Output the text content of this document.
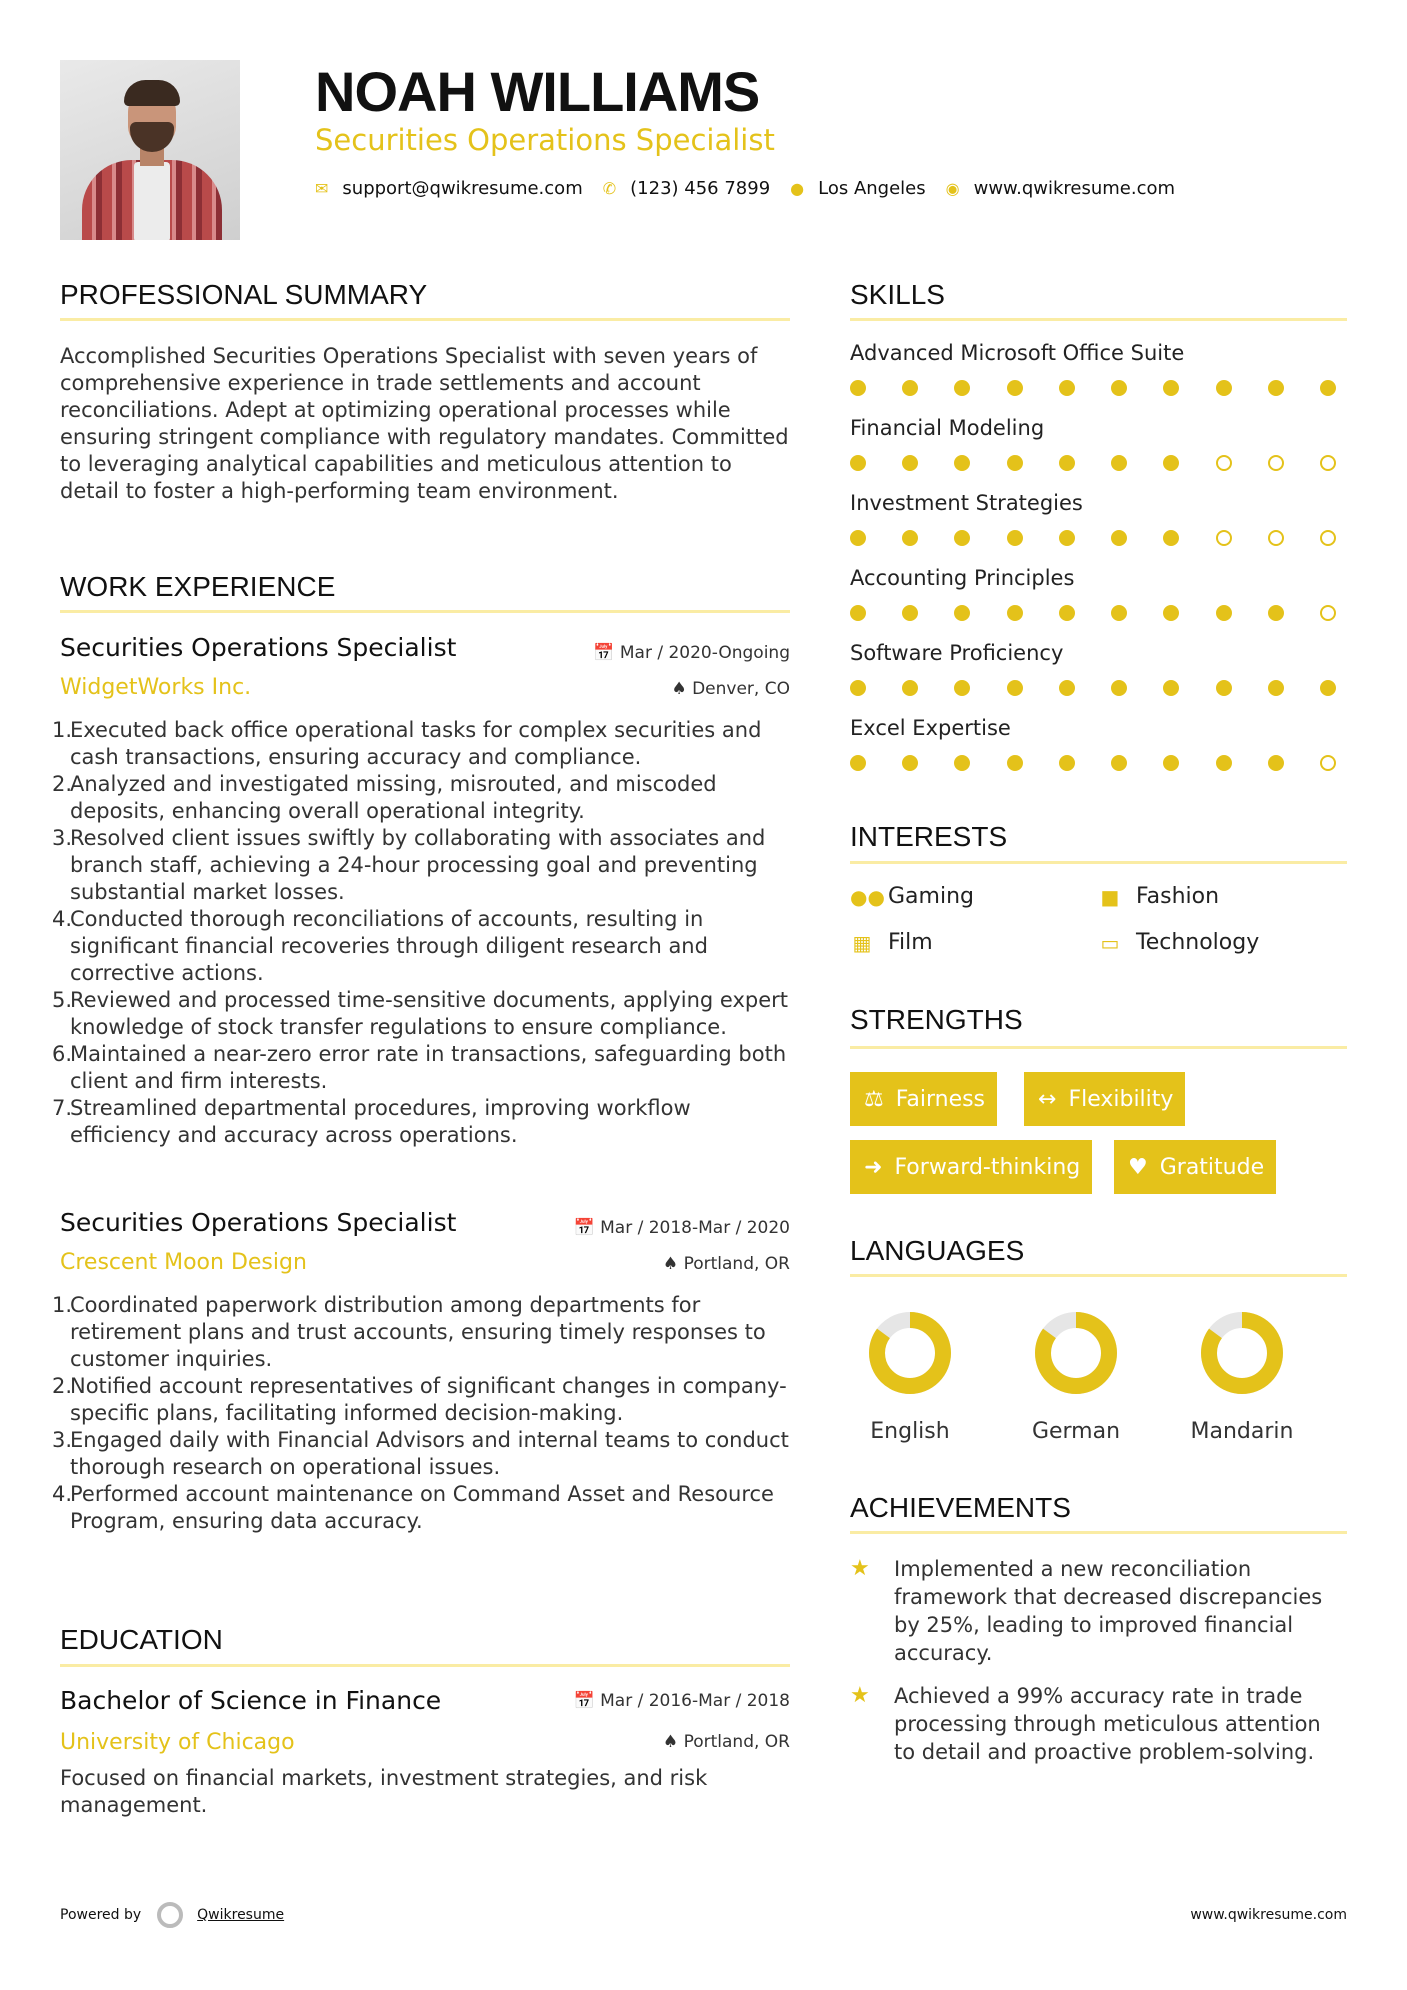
NOAH WILLIAMS
Securities Operations Specialist
✉ support@qwikresume.com ✆ (123) 456 7899 ● Los Angeles ◉ www.qwikresume.com
PROFESSIONAL SUMMARY
Accomplished Securities Operations Specialist with seven years of comprehensive experience in trade settlements and account reconciliations. Adept at optimizing operational processes while ensuring stringent compliance with regulatory mandates. Committed to leveraging analytical capabilities and meticulous attention to detail to foster a high-performing team environment.
WORK EXPERIENCE
Securities Operations Specialist	📅 Mar / 2020-Ongoing
WidgetWorks Inc.	♠ Denver, CO
1.
Executed back office operational tasks for complex securities and cash transactions, ensuring accuracy and compliance.
2.
Analyzed and investigated missing, misrouted, and miscoded deposits, enhancing overall operational integrity.
3.
Resolved client issues swiftly by collaborating with associates and branch staff, achieving a 24-hour processing goal and preventing substantial market losses.
4.
Conducted thorough reconciliations of accounts, resulting in significant financial recoveries through diligent research and corrective actions.
5.
Reviewed and processed time-sensitive documents, applying expert knowledge of stock transfer regulations to ensure compliance.
6.
Maintained a near-zero error rate in transactions, safeguarding both client and firm interests.
7.
Streamlined departmental procedures, improving workflow efficiency and accuracy across operations.
Securities Operations Specialist	📅 Mar / 2018-Mar / 2020
Crescent Moon Design	♠ Portland, OR
1.
Coordinated paperwork distribution among departments for retirement plans and trust accounts, ensuring timely responses to customer inquiries.
2.
Notified account representatives of significant changes in company-specific plans, facilitating informed decision-making.
3.
Engaged daily with Financial Advisors and internal teams to conduct thorough research on operational issues.
4.
Performed account maintenance on Command Asset and Resource Program, ensuring data accuracy.
EDUCATION
Bachelor of Science in Finance	📅 Mar / 2016-Mar / 2018
University of Chicago	♠ Portland, OR
Focused on financial markets, investment strategies, and risk management.
SKILLS
Advanced Microsoft Office Suite
Financial Modeling
Investment Strategies
Accounting Principles
Software Proficiency
Excel Expertise
INTERESTS
●● Gaming	■ Fashion
▦ Film	▭ Technology
STRENGTHS
⚖ Fairness ↔ Flexibility
➜ Forward-thinking ♥ Gratitude
LANGUAGES
English	German	Mandarin
ACHIEVEMENTS
★	Implemented a new reconciliation framework that decreased discrepancies by 25%, leading to improved financial accuracy.
★	Achieved a 99% accuracy rate in trade processing through meticulous attention to detail and proactive problem-solving.
Powered by	Qwikresume	www.qwikresume.com
